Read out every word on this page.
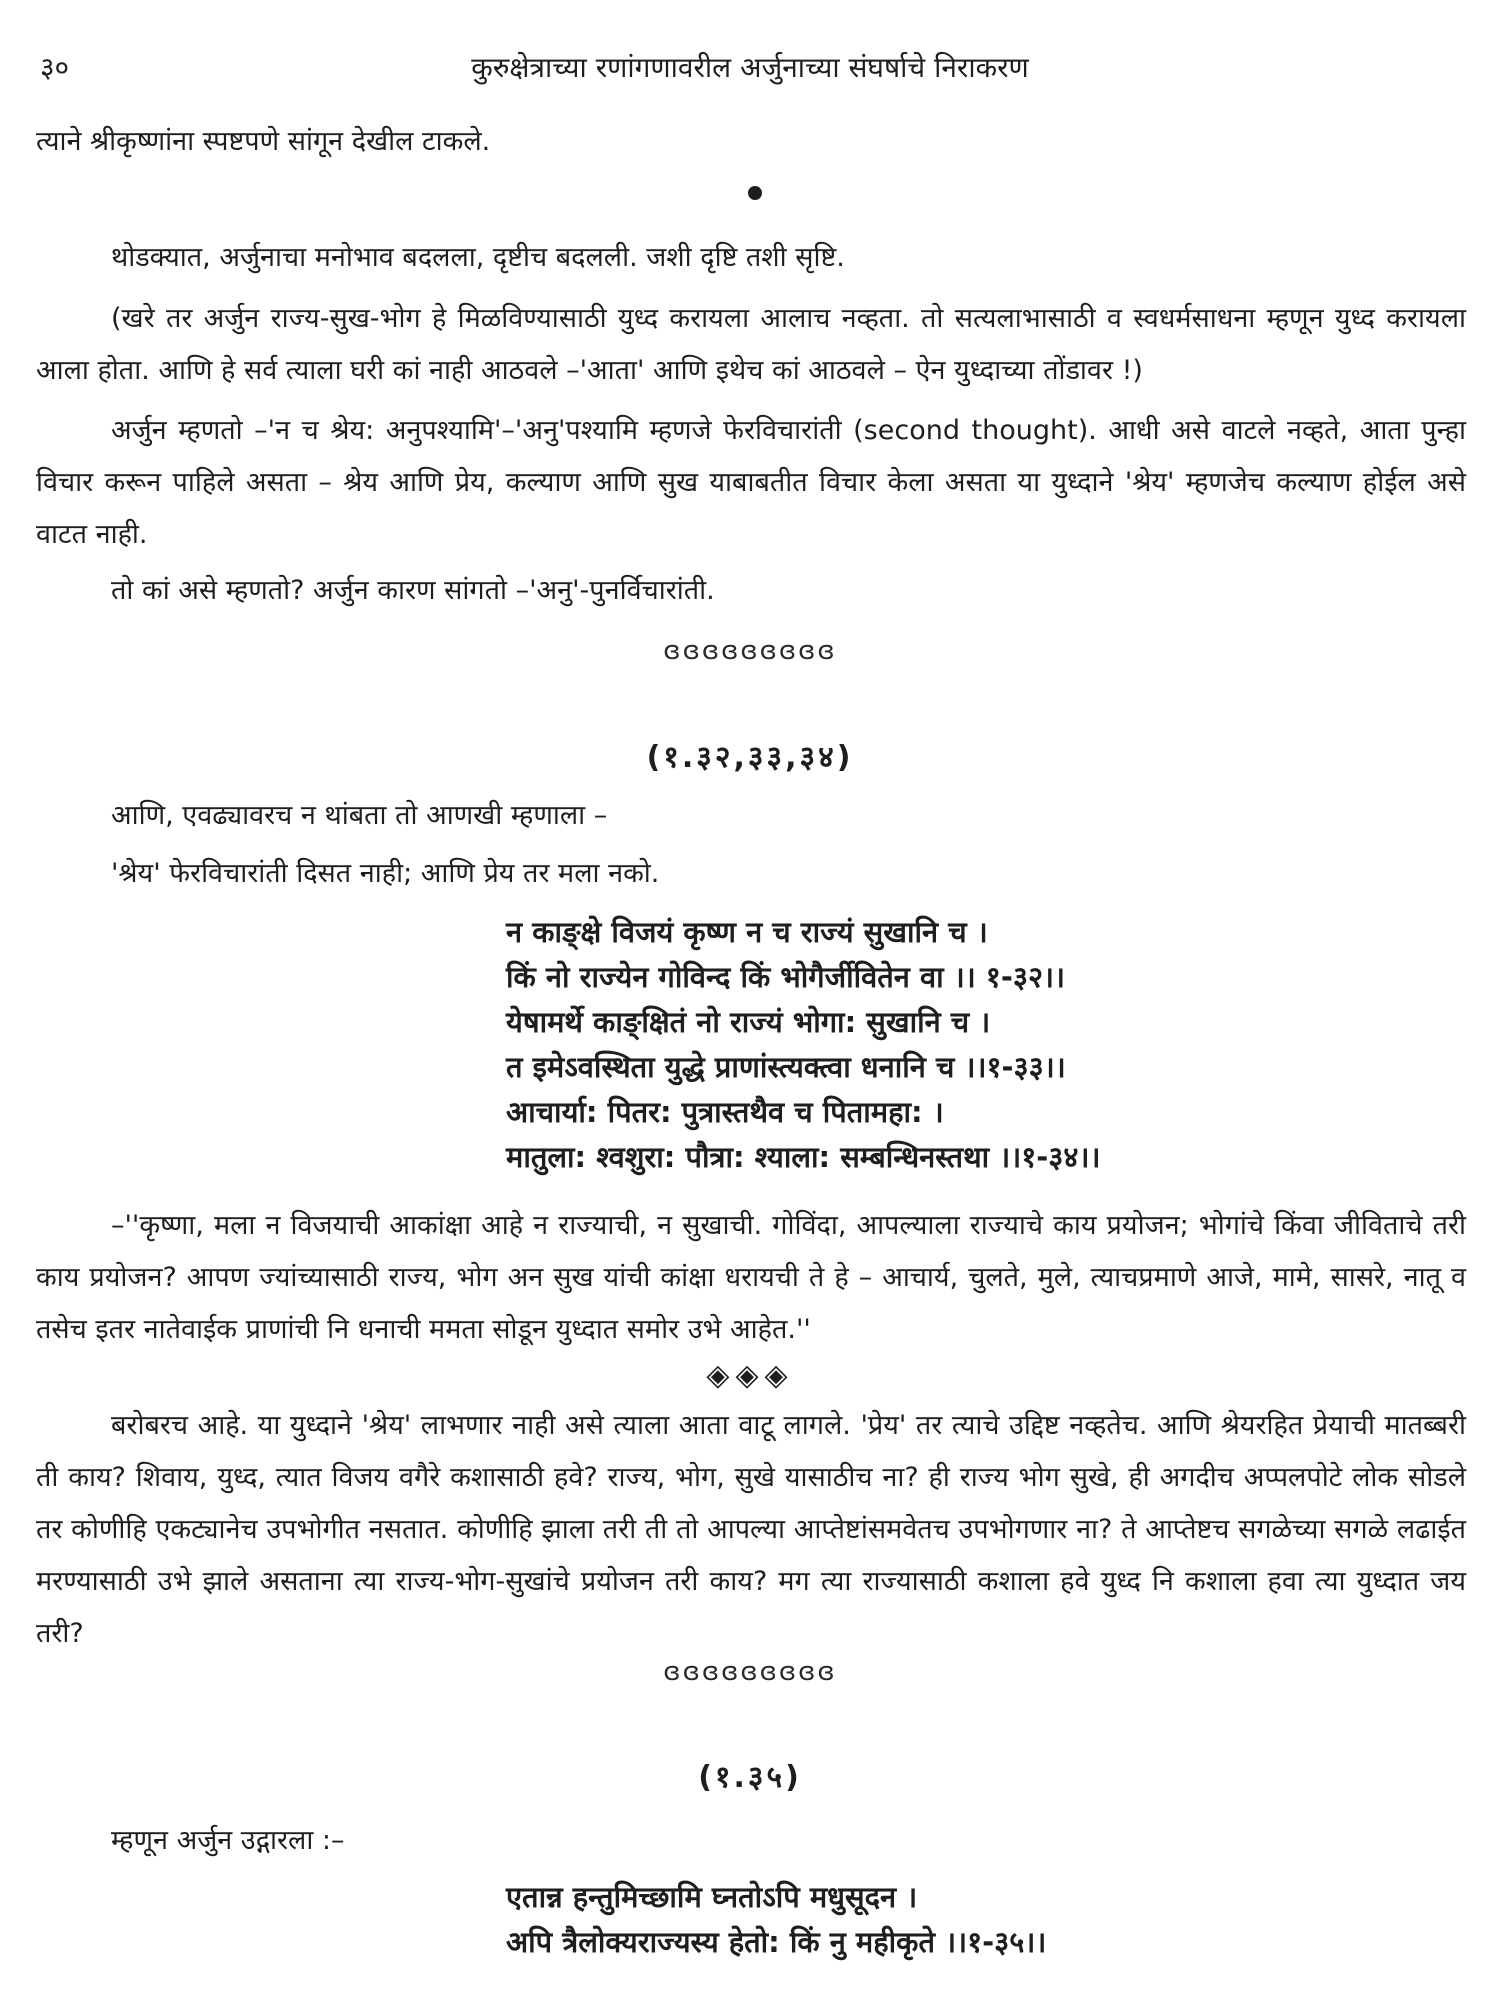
३०	कुरुक्षेत्राच्या रणांगणावरील अर्जुनाच्या संघर्षाचे निराकरण

त्याने श्रीकृष्णांना स्पष्टपणे सांगून देखील टाकले.

थोडक्यात, अर्जुनाचा मनोभाव बदलला, दृष्टीच बदलली. जशी दृष्टि तशी सृष्टि.

(खरे तर अर्जुन राज्य-सुख-भोग हे मिळविण्यासाठी युध्द करायला आलाच नव्हता. तो सत्यलाभासाठी व स्वधर्मसाधना म्हणून युध्द करायला आला होता. आणि हे सर्व त्याला घरी कां नाही आठवले –'आता' आणि इथेच कां आठवले – ऐन युध्दाच्या तोंडावर !)

अर्जुन म्हणतो –'न च श्रेय: अनुपश्यामि'–'अनु'पश्यामि म्हणजे फेरविचारांती (second thought). आधी असे वाटले नव्हते, आता पुन्हा विचार करून पाहिले असता – श्रेय आणि प्रेय, कल्याण आणि सुख याबाबतीत विचार केला असता या युध्दाने 'श्रेय' म्हणजेच कल्याण होईल असे वाटत नाही.

तो कां असे म्हणतो? अर्जुन कारण सांगतो –'अनु'-पुनर्विचारांती.

ɞɞɞɞɞɞɞɞɞ
(१.३२,३३,३४)

आणि, एवढ्यावरच न थांबता तो आणखी म्हणाला –

'श्रेय' फेरविचारांती दिसत नाही; आणि प्रेय तर मला नको.

न काङ्क्षे विजयं कृष्ण न च राज्यं सुखानि च ।
किं नो राज्येन गोविन्द किं भोगैर्जीवितेन वा ।। १-३२।।
येषामर्थे काङ्क्षितं नो राज्यं भोगा: सुखानि च ।
त इमेऽवस्थिता युद्धे प्राणांस्त्यक्त्वा धनानि च ।।१-३३।।
आचार्या: पितर: पुत्रास्तथैव च पितामहा: ।
मातुला: श्वशुरा: पौत्रा: श्याला: सम्बन्धिनस्तथा ।।१-३४।।

–''कृष्णा, मला न विजयाची आकांक्षा आहे न राज्याची, न सुखाची. गोविंदा, आपल्याला राज्याचे काय प्रयोजन; भोगांचे किंवा जीविताचे तरी काय प्रयोजन? आपण ज्यांच्यासाठी राज्य, भोग अन सुख यांची कांक्षा धरायची ते हे – आचार्य, चुलते, मुले, त्याचप्रमाणे आजे, मामे, सासरे, नातू व तसेच इतर नातेवाईक प्राणांची नि धनाची ममता सोडून युध्दात समोर उभे आहेत.''

◈◈◈

बरोबरच आहे. या युध्दाने 'श्रेय' लाभणार नाही असे त्याला आता वाटू लागले. 'प्रेय' तर त्याचे उद्दिष्ट नव्हतेच. आणि श्रेयरहित प्रेयाची मातब्बरी ती काय? शिवाय, युध्द, त्यात विजय वगैरे कशासाठी हवे? राज्य, भोग, सुखे यासाठीच ना? ही राज्य भोग सुखे, ही अगदीच अप्पलपोटे लोक सोडले तर कोणीहि एकट्यानेच उपभोगीत नसतात. कोणीहि झाला तरी ती तो आपल्या आप्तेष्टांसमवेतच उपभोगणार ना? ते आप्तेष्टच सगळेच्या सगळे लढाईत मरण्यासाठी उभे झाले असताना त्या राज्य-भोग-सुखांचे प्रयोजन तरी काय? मग त्या राज्यासाठी कशाला हवे युध्द नि कशाला हवा त्या युध्दात जय तरी?

ɞɞɞɞɞɞɞɞɞ
(१.३५)

म्हणून अर्जुन उद्गारला :–

एतान्न हन्तुमिच्छामि घ्नतोऽपि मधुसूदन ।
अपि त्रैलोक्यराज्यस्य हेतो: किं नु महीकृते ।।१-३५।।
